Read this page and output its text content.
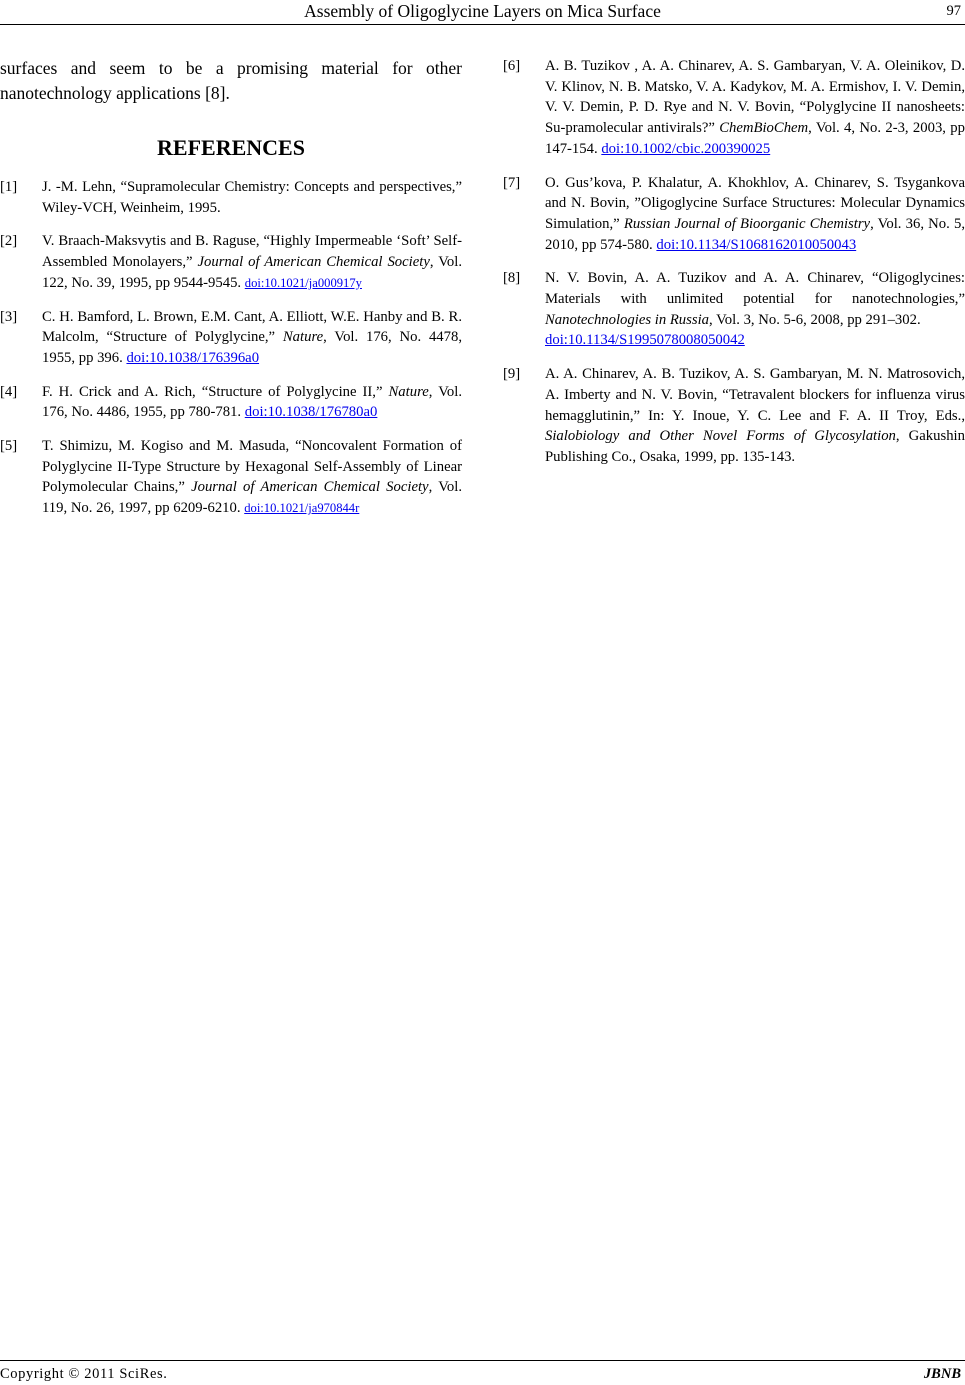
Assembly of Oligoglycine Layers on Mica Surface	97

surfaces and seem to be a promising material for other nanotechnology applications [8].

REFERENCES
[1] J. -M. Lehn, “Supramolecular Chemistry: Concepts and perspectives,” Wiley-VCH, Weinheim, 1995.
[2] V. Braach-Maksvytis and B. Raguse, “Highly Impermeable ‘Soft’ Self-Assembled Monolayers,” Journal of American Chemical Society, Vol. 122, No. 39, 1995, pp 9544-9545. doi:10.1021/ja000917y
[3] C. H. Bamford, L. Brown, E.M. Cant, A. Elliott, W.E. Hanby and B. R. Malcolm, “Structure of Polyglycine,” Nature, Vol. 176, No. 4478, 1955, pp 396. doi:10.1038/176396a0
[4] F. H. Crick and A. Rich, “Structure of Polyglycine II,” Nature, Vol. 176, No. 4486, 1955, pp 780-781. doi:10.1038/176780a0
[5] T. Shimizu, M. Kogiso and M. Masuda, “Noncovalent Formation of Polyglycine II-Type Structure by Hexagonal Self-Assembly of Linear Polymolecular Chains,” Journal of American Chemical Society, Vol. 119, No. 26, 1997, pp 6209-6210. doi:10.1021/ja970844r
[6] A. B. Tuzikov , A. A. Chinarev, A. S. Gambaryan, V. A. Oleinikov, D. V. Klinov, N. B. Matsko, V. A. Kadykov, M. A. Ermishov, I. V. Demin, V. V. Demin, P. D. Rye and N. V. Bovin, “Polyglycine II nanosheets: Su-pramolecular antivirals?” ChemBioChem, Vol. 4, No. 2-3, 2003, pp 147-154. doi:10.1002/cbic.200390025
[7] O. Gus’kova, P. Khalatur, A. Khokhlov, A. Chinarev, S. Tsygankova and N. Bovin, ”Oligoglycine Surface Structures: Molecular Dynamics Simulation,” Russian Journal of Bioorganic Chemistry, Vol. 36, No. 5, 2010, pp 574-580. doi:10.1134/S1068162010050043
[8] N. V. Bovin, A. A. Tuzikov and A. A. Chinarev, “Oligoglycines: Materials with unlimited potential for nanotechnologies,” Nanotechnologies in Russia, Vol. 3, No. 5-6, 2008, pp 291–302.
doi:10.1134/S1995078008050042
[9] A. A. Chinarev, A. B. Tuzikov, A. S. Gambaryan, M. N. Matrosovich, A. Imberty and N. V. Bovin, “Tetravalent blockers for influenza virus hemagglutinin,” In: Y. Inoue, Y. C. Lee and F. A. II Troy, Eds., Sialobiology and Other Novel Forms of Glycosylation, Gakushin Publishing Co., Osaka, 1999, pp. 135-143.
Copyright © 2011 SciRes.	JBNB
